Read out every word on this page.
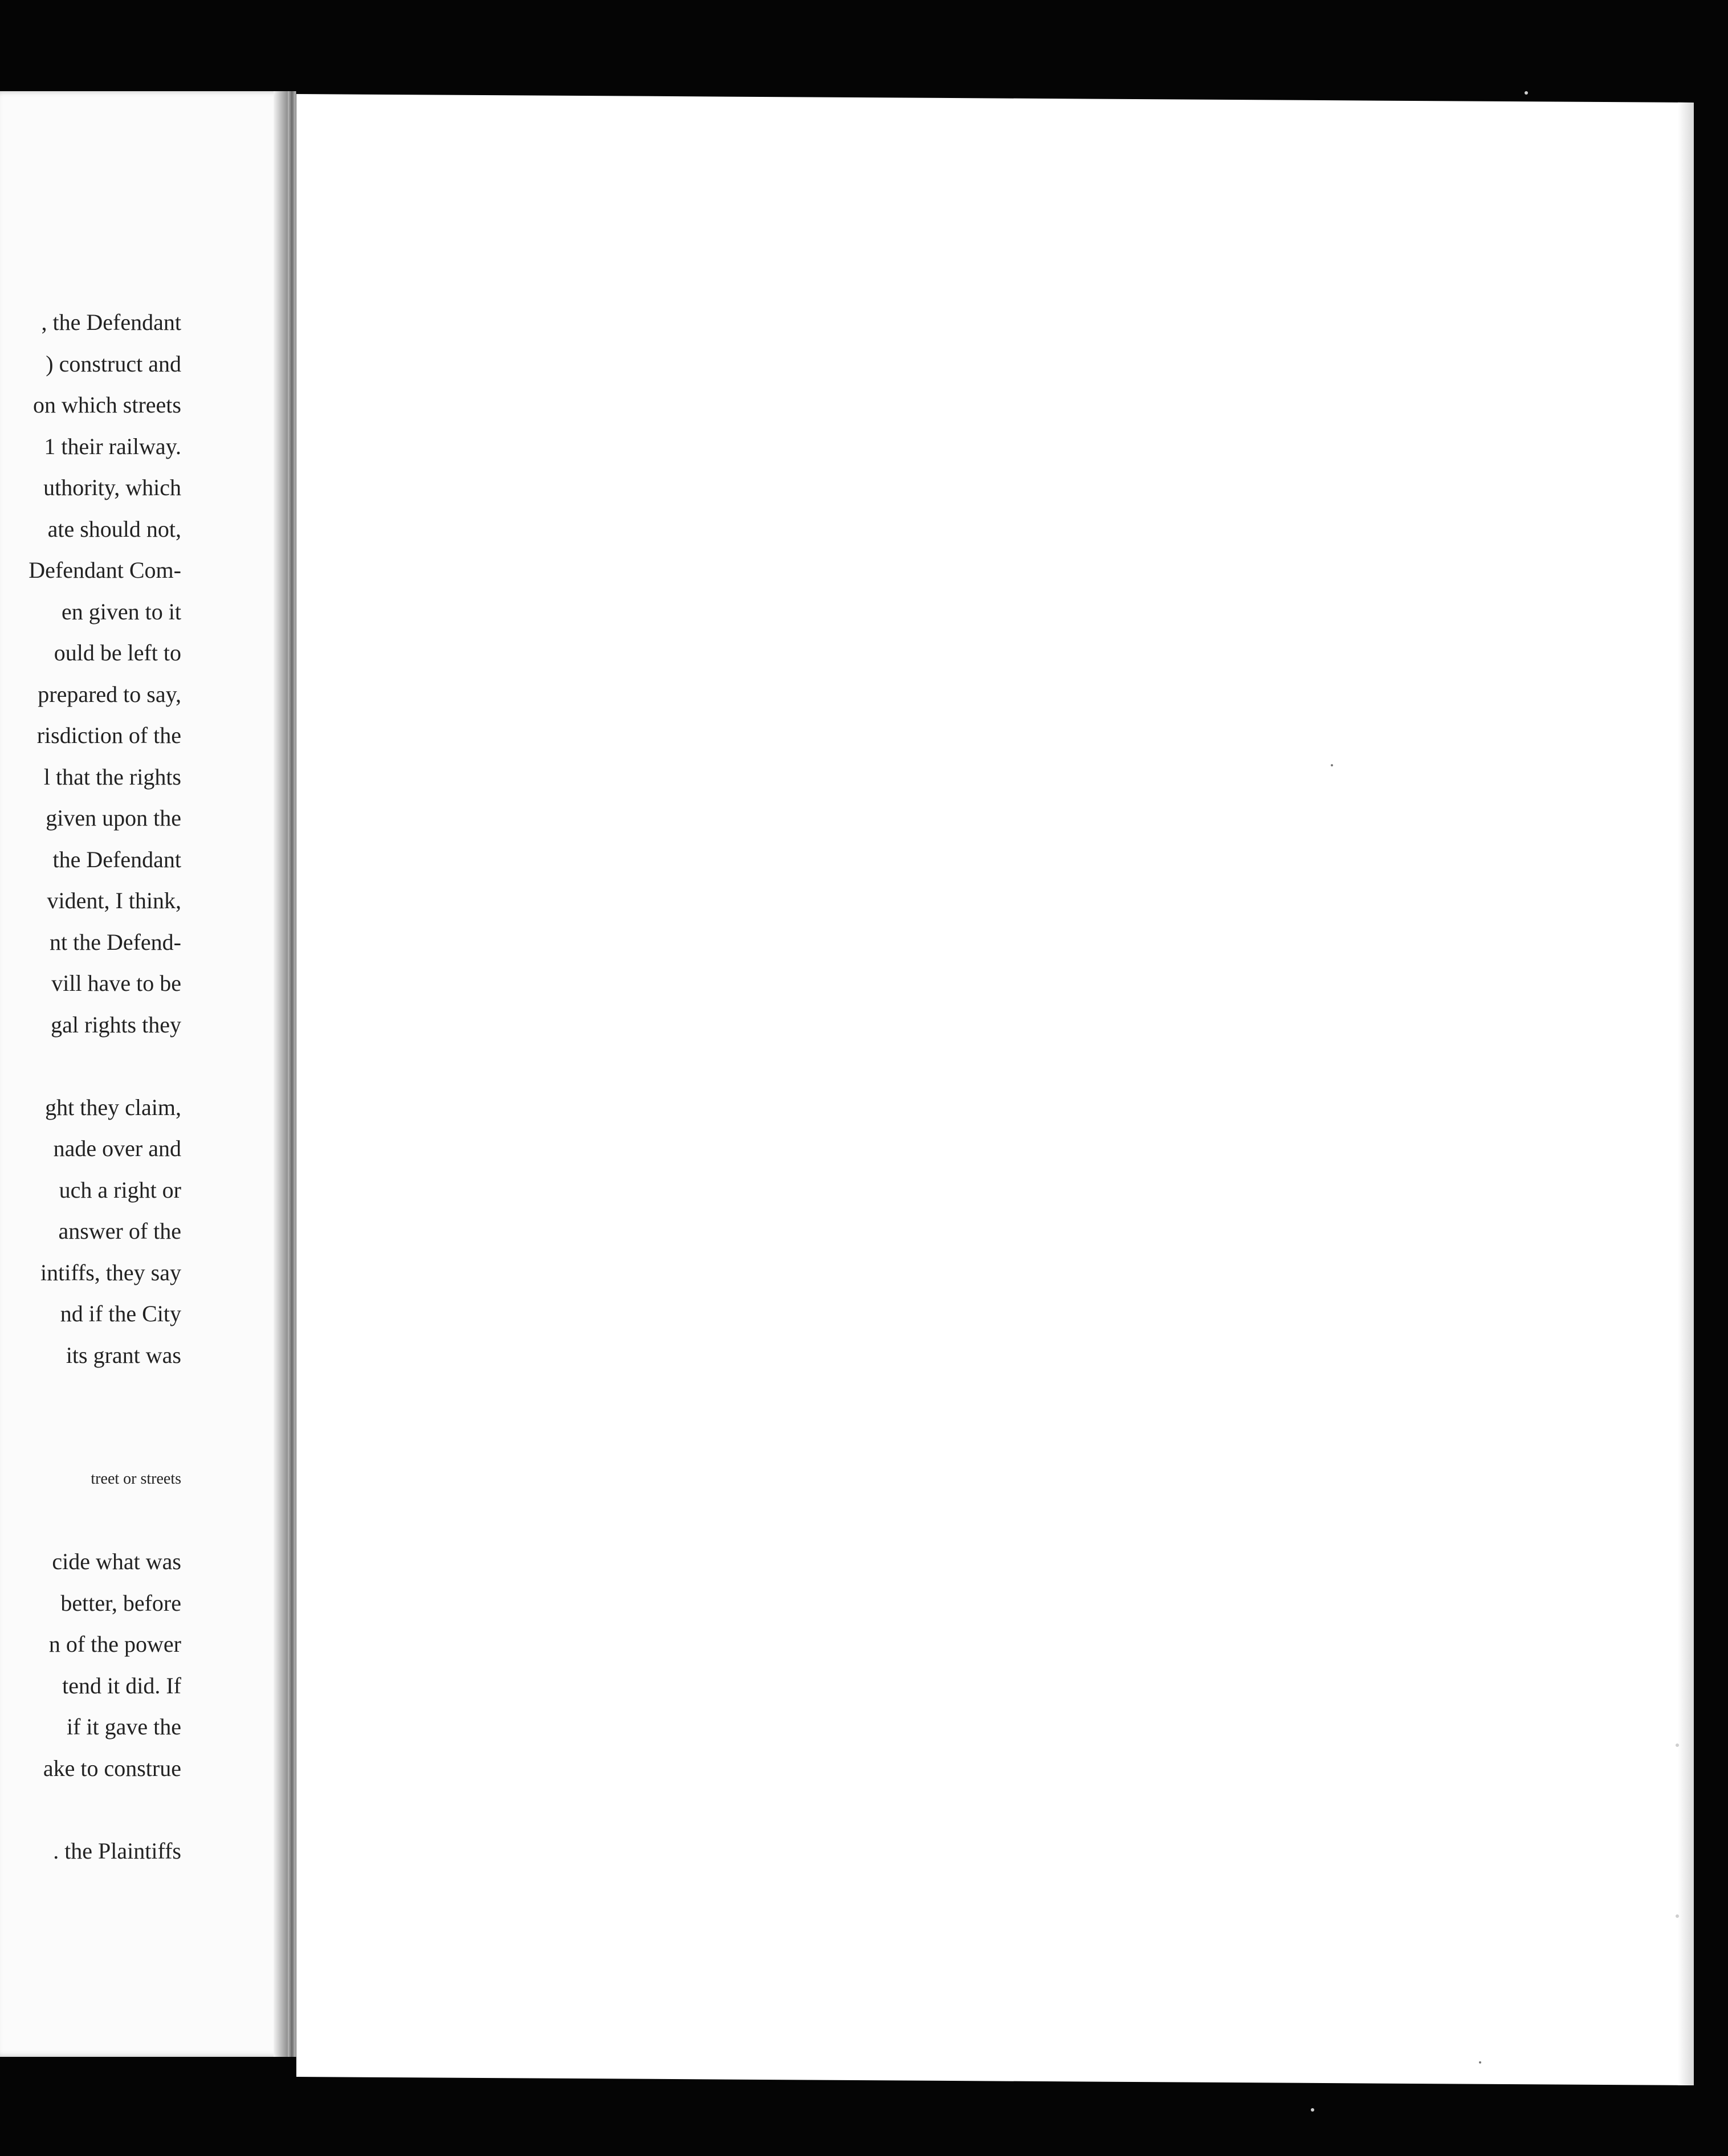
, the Defendant
) construct and
on which streets
1 their railway.
uthority, which
ate should not,
Defendant Com-
en given to it
ould be left to
prepared to say,
risdiction of the
l that the rights
given upon the
the Defendant
vident, I think,
nt the Defend-
vill have to be
gal rights they
ght they claim,
nade over and
uch a right or
answer of the
intiffs, they say
nd if the City
its grant was
treet or streets
cide what was
better, before
n of the power
tend it did. If
if it gave the
ake to construe
. the Plaintiffs
